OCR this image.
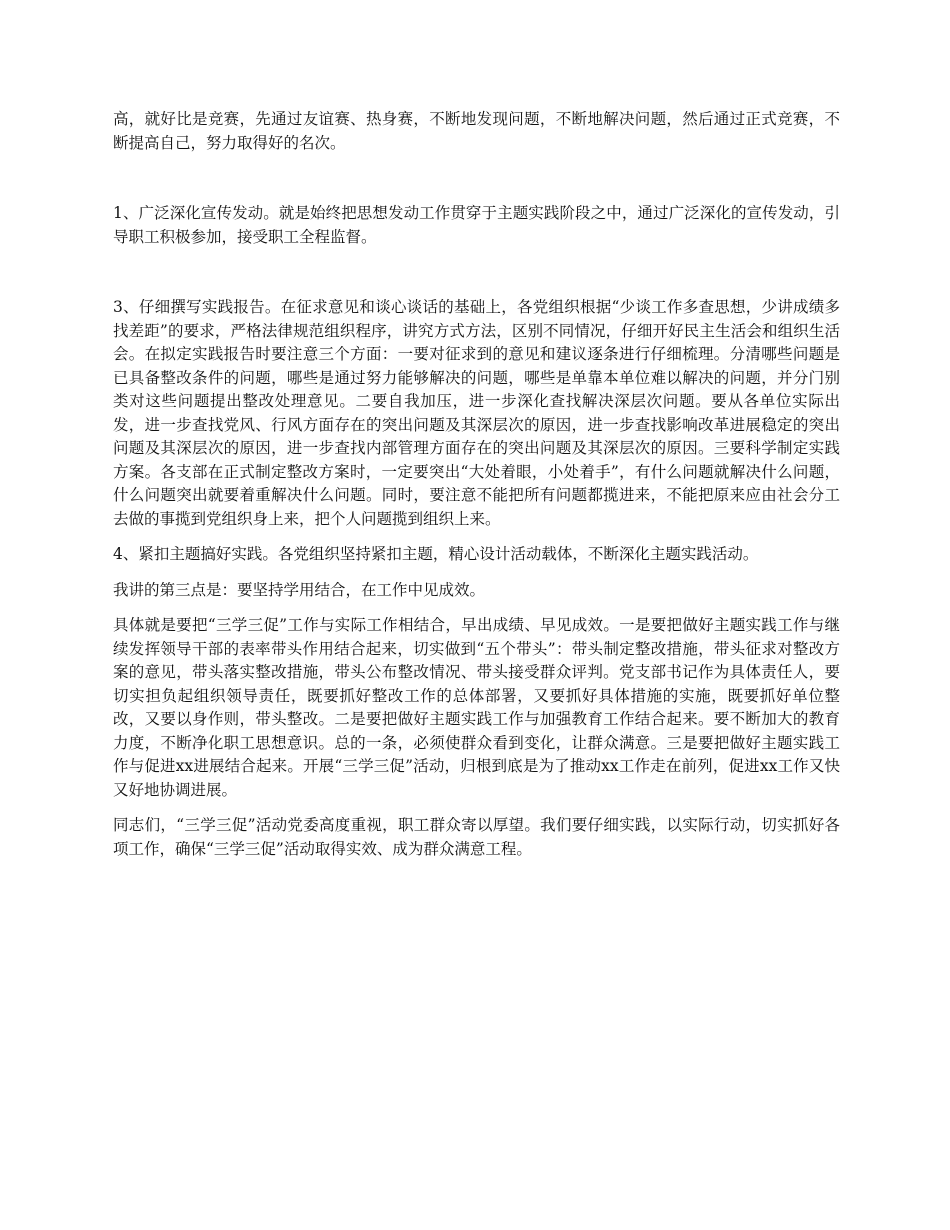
高，就好比是竞赛，先通过友谊赛、热身赛，不断地发现问题，不断地解决问题，然后通过正式竞赛，不断提高自己，努力取得好的名次。

1、广泛深化宣传发动。就是始终把思想发动工作贯穿于主题实践阶段之中，通过广泛深化的宣传发动，引导职工积极参加，接受职工全程监督。

3、仔细撰写实践报告。在征求意见和谈心谈话的基础上，各党组织根据“少谈工作多查思想，少讲成绩多找差距”的要求，严格法律规范组织程序，讲究方式方法，区别不同情况，仔细开好民主生活会和组织生活会。在拟定实践报告时要注意三个方面：一要对征求到的意见和建议逐条进行仔细梳理。分清哪些问题是已具备整改条件的问题，哪些是通过努力能够解决的问题，哪些是单靠本单位难以解决的问题，并分门别类对这些问题提出整改处理意见。二要自我加压，进一步深化查找解决深层次问题。要从各单位实际出发，进一步查找党风、行风方面存在的突出问题及其深层次的原因，进一步查找影响改革进展稳定的突出问题及其深层次的原因，进一步查找内部管理方面存在的突出问题及其深层次的原因。三要科学制定实践方案。各支部在正式制定整改方案时，一定要突出“大处着眼，小处着手”，有什么问题就解决什么问题，什么问题突出就要着重解决什么问题。同时，要注意不能把所有问题都揽进来，不能把原来应由社会分工去做的事揽到党组织身上来，把个人问题揽到组织上来。

4、紧扣主题搞好实践。各党组织坚持紧扣主题，精心设计活动载体，不断深化主题实践活动。

我讲的第三点是：要坚持学用结合，在工作中见成效。

具体就是要把“三学三促”工作与实际工作相结合，早出成绩、早见成效。一是要把做好主题实践工作与继续发挥领导干部的表率带头作用结合起来，切实做到“五个带头”：带头制定整改措施，带头征求对整改方案的意见，带头落实整改措施，带头公布整改情况、带头接受群众评判。党支部书记作为具体责任人，要切实担负起组织领导责任，既要抓好整改工作的总体部署，又要抓好具体措施的实施，既要抓好单位整改，又要以身作则，带头整改。二是要把做好主题实践工作与加强教育工作结合起来。要不断加大的教育力度，不断净化职工思想意识。总的一条，必须使群众看到变化，让群众满意。三是要把做好主题实践工作与促进xx进展结合起来。开展“三学三促”活动，归根到底是为了推动xx工作走在前列，促进xx工作又快又好地协调进展。

同志们，“三学三促”活动党委高度重视，职工群众寄以厚望。我们要仔细实践，以实际行动，切实抓好各项工作，确保“三学三促”活动取得实效、成为群众满意工程。
